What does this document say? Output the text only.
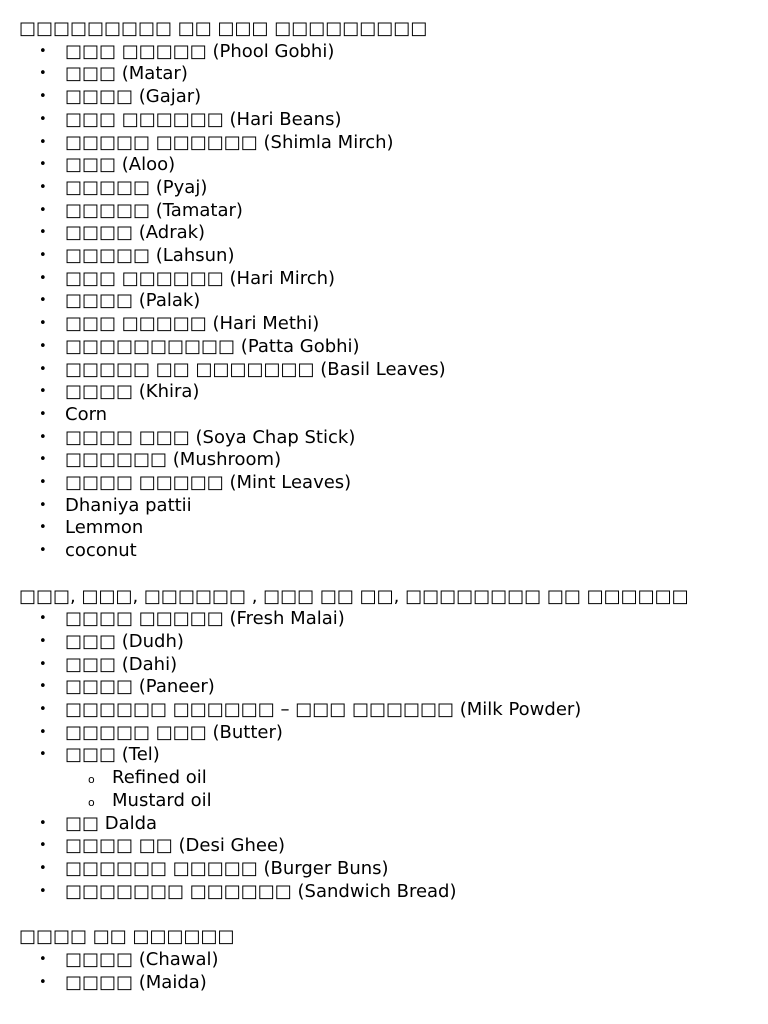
□□□□□□□□□ □□ □□□ □□□□□□□□□
• □□□ □□□□□ (Phool Gobhi)
• □□□ (Matar)
• □□□□ (Gajar)
• □□□ □□□□□□ (Hari Beans)
• □□□□□ □□□□□□ (Shimla Mirch)
• □□□ (Aloo)
• □□□□□ (Pyaj)
• □□□□□ (Tamatar)
• □□□□ (Adrak)
• □□□□□ (Lahsun)
• □□□ □□□□□□ (Hari Mirch)
• □□□□ (Palak)
• □□□ □□□□□ (Hari Methi)
• □□□□□□□□□□ (Patta Gobhi)
• □□□□□ □□ □□□□□□□ (Basil Leaves)
• □□□□ (Khira)
• Corn
• □□□□ □□□ (Soya Chap Stick)
• □□□□□□ (Mushroom)
• □□□□ □□□□□ (Mint Leaves)
• Dhaniya pattii
• Lemmon
• coconut
□□□, □□□, □□□□□□ , □□□ □□ □□, □□□□□□□□ □□ □□□□□□
• □□□□ □□□□□ (Fresh Malai)
• □□□ (Dudh)
• □□□ (Dahi)
• □□□□ (Paneer)
• □□□□□□ □□□□□□ – □□□ □□□□□□ (Milk Powder)
• □□□□□ □□□ (Butter)
• □□□ (Tel)
o Refined oil
o Mustard oil
• □□ Dalda
• □□□□ □□ (Desi Ghee)
• □□□□□□ □□□□□ (Burger Buns)
• □□□□□□□ □□□□□□ (Sandwich Bread)
□□□□ □□ □□□□□□
• □□□□ (Chawal)
• □□□□ (Maida)
